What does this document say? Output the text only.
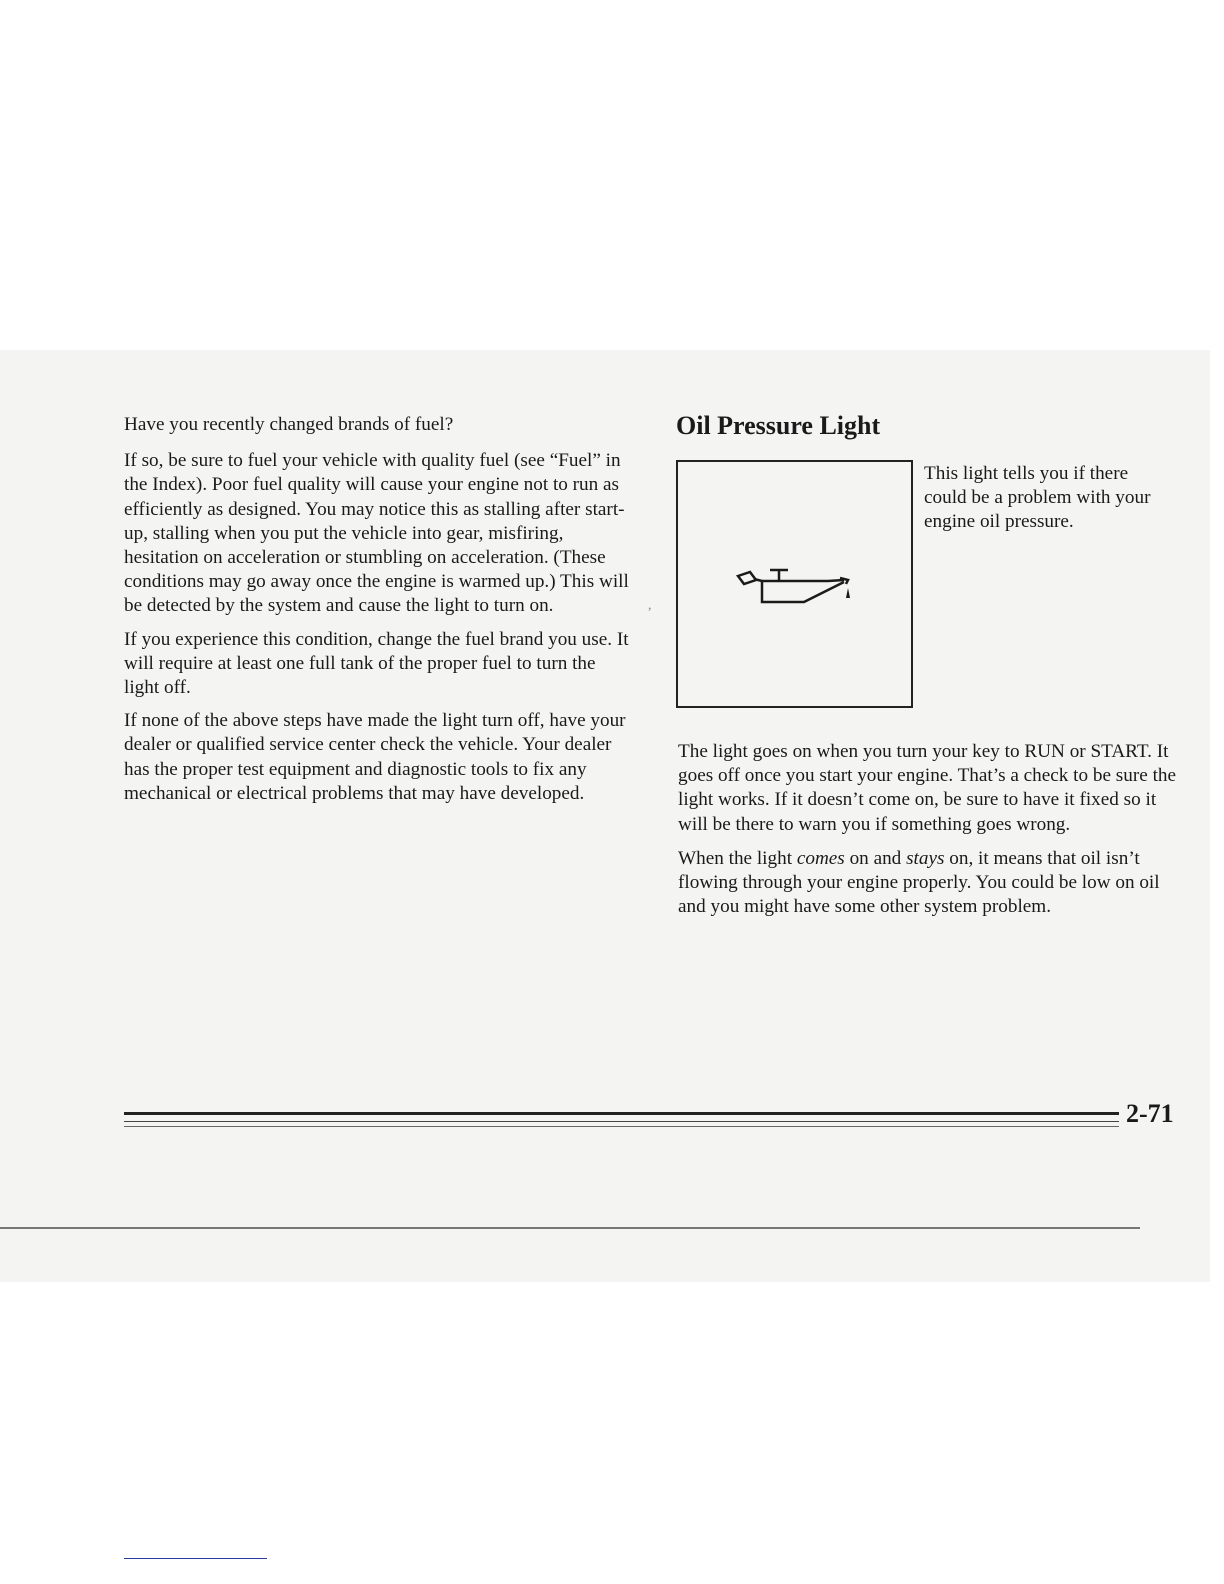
Have you recently changed brands of fuel?

If so, be sure to fuel your vehicle with quality fuel (see “Fuel” in the Index). Poor fuel quality will cause your engine not to run as efficiently as designed. You may notice this as stalling after start-up, stalling when you put the vehicle into gear, misfiring, hesitation on acceleration or stumbling on acceleration. (These conditions may go away once the engine is warmed up.) This will be detected by the system and cause the light to turn on.

If you experience this condition, change the fuel brand you use. It will require at least one full tank of the proper fuel to turn the light off.

If none of the above steps have made the light turn off, have your dealer or qualified service center check the vehicle. Your dealer has the proper test equipment and diagnostic tools to fix any mechanical or electrical problems that may have developed.

Oil Pressure Light

This light tells you if there could be a problem with your engine oil pressure.

,

The light goes on when you turn your key to RUN or START. It goes off once you start your engine. That’s a check to be sure the light works. If it doesn’t come on, be sure to have it fixed so it will be there to warn you if something goes wrong.

When the light comes on and stays on, it means that oil isn’t flowing through your engine properly. You could be low on oil and you might have some other system problem.

2-71
